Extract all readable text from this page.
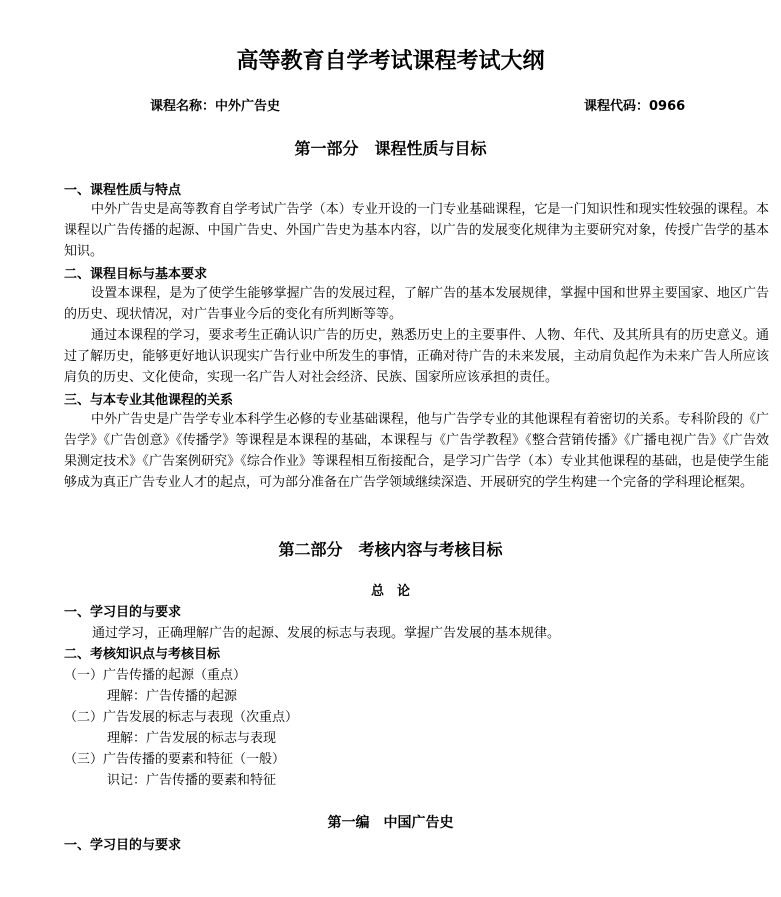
高等教育自学考试课程考试大纲
课程名称：中外广告史	课程代码：0966
第一部分　课程性质与目标
一、课程性质与特点
中外广告史是高等教育自学考试广告学（本）专业开设的一门专业基础课程，它是一门知识性和现实性较强的课程。本课程以广告传播的起源、中国广告史、外国广告史为基本内容，以广告的发展变化规律为主要研究对象，传授广告学的基本知识。
二、课程目标与基本要求
设置本课程，是为了使学生能够掌握广告的发展过程，了解广告的基本发展规律，掌握中国和世界主要国家、地区广告的历史、现状情况，对广告事业今后的变化有所判断等等。
通过本课程的学习，要求考生正确认识广告的历史，熟悉历史上的主要事件、人物、年代、及其所具有的历史意义。通过了解历史，能够更好地认识现实广告行业中所发生的事情，正确对待广告的未来发展，主动肩负起作为未来广告人所应该肩负的历史、文化使命，实现一名广告人对社会经济、民族、国家所应该承担的责任。
三、与本专业其他课程的关系
中外广告史是广告学专业本科学生必修的专业基础课程，他与广告学专业的其他课程有着密切的关系。专科阶段的《广告学》《广告创意》《传播学》等课程是本课程的基础，本课程与《广告学教程》《整合营销传播》《广播电视广告》《广告效果测定技术》《广告案例研究》《综合作业》等课程相互衔接配合，是学习广告学（本）专业其他课程的基础，也是使学生能够成为真正广告专业人才的起点，可为部分准备在广告学领域继续深造、开展研究的学生构建一个完备的学科理论框架。
第二部分　考核内容与考核目标
总　论
一、学习目的与要求
通过学习，正确理解广告的起源、发展的标志与表现。掌握广告发展的基本规律。
二、考核知识点与考核目标
（一）广告传播的起源（重点）
理解：广告传播的起源
（二）广告发展的标志与表现（次重点）
理解：广告发展的标志与表现
（三）广告传播的要素和特征（一般）
识记：广告传播的要素和特征
第一编　中国广告史
一、学习目的与要求
